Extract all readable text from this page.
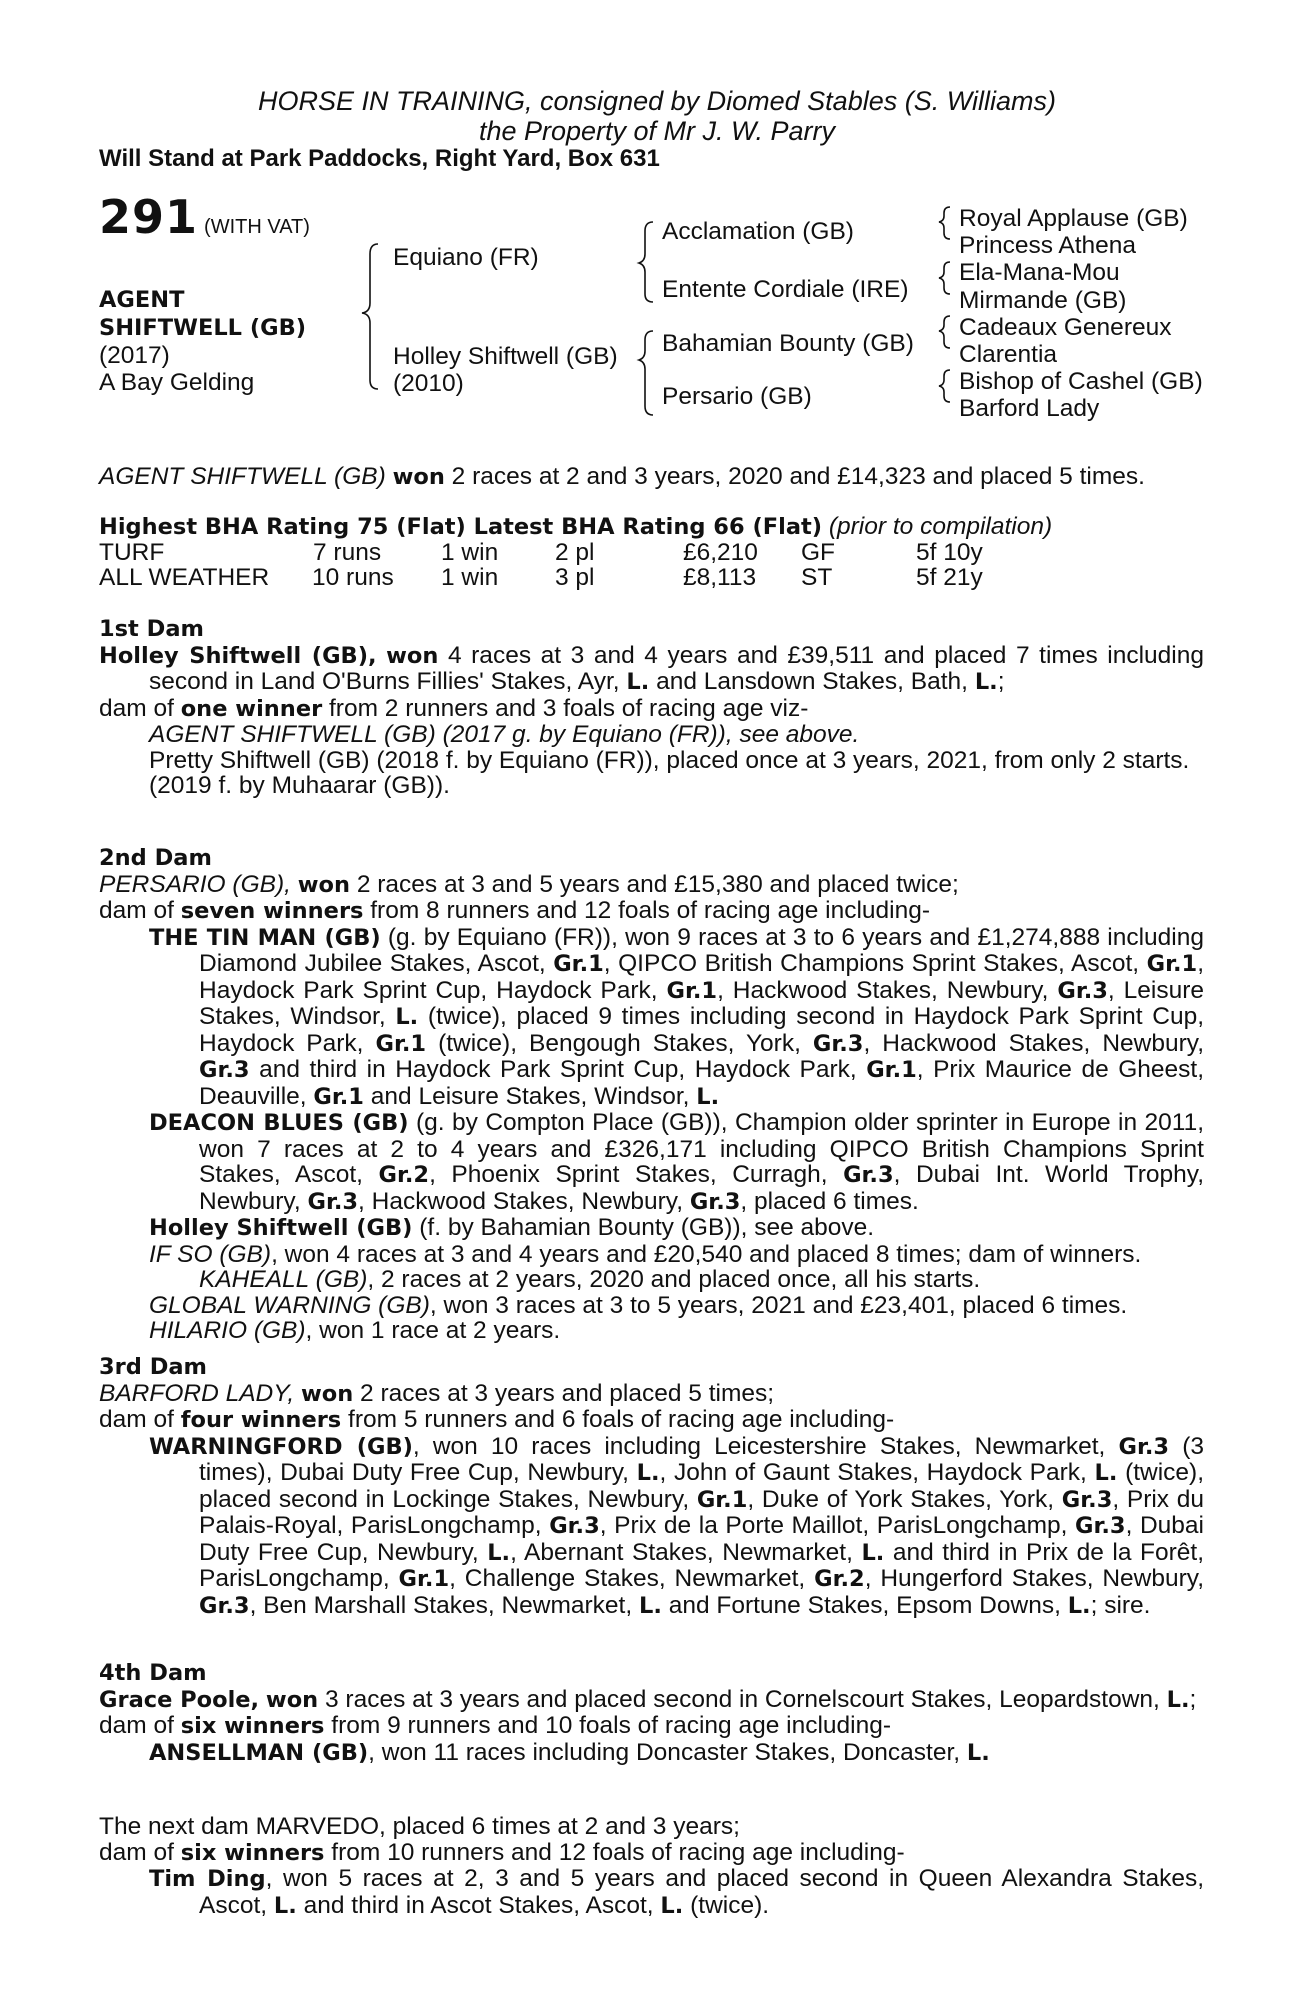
HORSE IN TRAINING, consigned by Diomed Stables (S. Williams)
the Property of Mr J. W. Parry
Will Stand at Park Paddocks, Right Yard, Box 631
291 (WITH VAT)
AGENT
SHIFTWELL (GB)
(2017)
A Bay Gelding
Equiano (FR)
Holley Shiftwell (GB)
(2010)
Acclamation (GB)
Entente Cordiale (IRE)
Bahamian Bounty (GB)
Persario (GB)
Royal Applause (GB)
Princess Athena
Ela-Mana-Mou
Mirmande (GB)
Cadeaux Genereux
Clarentia
Bishop of Cashel (GB)
Barford Lady
AGENT SHIFTWELL (GB) won 2 races at 2 and 3 years, 2020 and £14,323 and placed 5 times.
Highest BHA Rating 75 (Flat) Latest BHA Rating 66 (Flat) (prior to compilation)
TURF	7 runs 1 win 2 pl	£6,210 GF	5f 10y
ALL WEATHER 10 runs 1 win 3 pl	£8,113 ST	5f 21y

1st Dam

Holley Shiftwell (GB), won 4 races at 3 and 4 years and £39,511 and placed 7 times including second in Land O'Burns Fillies' Stakes, Ayr, L. and Lansdown Stakes, Bath, L.;

dam of one winner from 2 runners and 3 foals of racing age viz-

AGENT SHIFTWELL (GB) (2017 g. by Equiano (FR)), see above.

Pretty Shiftwell (GB) (2018 f. by Equiano (FR)), placed once at 3 years, 2021, from only 2 starts.

(2019 f. by Muhaarar (GB)).

2nd Dam

PERSARIO (GB), won 2 races at 3 and 5 years and £15,380 and placed twice;

dam of seven winners from 8 runners and 12 foals of racing age including-

THE TIN MAN (GB) (g. by Equiano (FR)), won 9 races at 3 to 6 years and £1,274,888 including Diamond Jubilee Stakes, Ascot, Gr.1, QIPCO British Champions Sprint Stakes, Ascot, Gr.1, Haydock Park Sprint Cup, Haydock Park, Gr.1, Hackwood Stakes, Newbury, Gr.3, Leisure Stakes, Windsor, L. (twice), placed 9 times including second in Haydock Park Sprint Cup, Haydock Park, Gr.1 (twice), Bengough Stakes, York, Gr.3, Hackwood Stakes, Newbury, Gr.3 and third in Haydock Park Sprint Cup, Haydock Park, Gr.1, Prix Maurice de Gheest, Deauville, Gr.1 and Leisure Stakes, Windsor, L.

DEACON BLUES (GB) (g. by Compton Place (GB)), Champion older sprinter in Europe in 2011, won 7 races at 2 to 4 years and £326,171 including QIPCO British Champions Sprint Stakes, Ascot, Gr.2, Phoenix Sprint Stakes, Curragh, Gr.3, Dubai Int. World Trophy, Newbury, Gr.3, Hackwood Stakes, Newbury, Gr.3, placed 6 times.

Holley Shiftwell (GB) (f. by Bahamian Bounty (GB)), see above.

IF SO (GB), won 4 races at 3 and 4 years and £20,540 and placed 8 times; dam of winners.

KAHEALL (GB), 2 races at 2 years, 2020 and placed once, all his starts.

GLOBAL WARNING (GB), won 3 races at 3 to 5 years, 2021 and £23,401, placed 6 times.

HILARIO (GB), won 1 race at 2 years.

3rd Dam

BARFORD LADY, won 2 races at 3 years and placed 5 times;

dam of four winners from 5 runners and 6 foals of racing age including-

WARNINGFORD (GB), won 10 races including Leicestershire Stakes, Newmarket, Gr.3 (3 times), Dubai Duty Free Cup, Newbury, L., John of Gaunt Stakes, Haydock Park, L. (twice), placed second in Lockinge Stakes, Newbury, Gr.1, Duke of York Stakes, York, Gr.3, Prix du Palais-Royal, ParisLongchamp, Gr.3, Prix de la Porte Maillot, ParisLongchamp, Gr.3, Dubai Duty Free Cup, Newbury, L., Abernant Stakes, Newmarket, L. and third in Prix de la Forêt, ParisLongchamp, Gr.1, Challenge Stakes, Newmarket, Gr.2, Hungerford Stakes, Newbury, Gr.3, Ben Marshall Stakes, Newmarket, L. and Fortune Stakes, Epsom Downs, L.; sire.

4th Dam

Grace Poole, won 3 races at 3 years and placed second in Cornelscourt Stakes, Leopardstown, L.;

dam of six winners from 9 runners and 10 foals of racing age including-

ANSELLMAN (GB), won 11 races including Doncaster Stakes, Doncaster, L.

The next dam MARVEDO, placed 6 times at 2 and 3 years;

dam of six winners from 10 runners and 12 foals of racing age including-

Tim Ding, won 5 races at 2, 3 and 5 years and placed second in Queen Alexandra Stakes, Ascot, L. and third in Ascot Stakes, Ascot, L. (twice).
